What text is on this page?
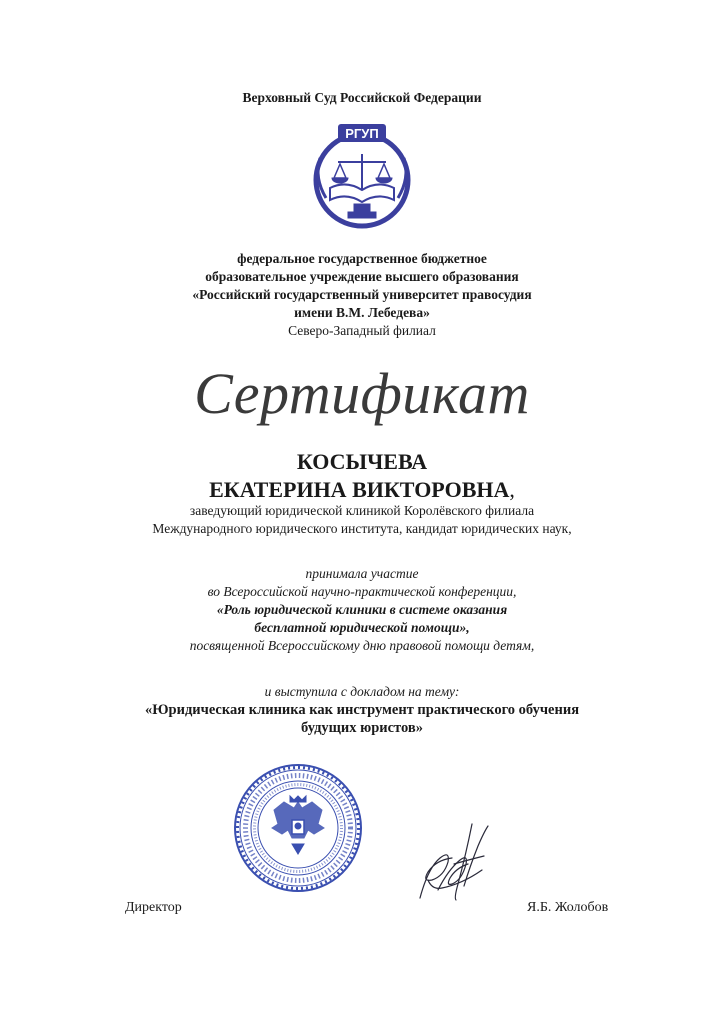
Верховный Суд Российской Федерации
РГУП
федеральное государственное бюджетное
образовательное учреждение высшего образования
«Российский государственный университет правосудия
имени В.М. Лебедева»
Северо-Западный филиал
Сертификат
КОСЫЧЕВА
ЕКАТЕРИНА ВИКТОРОВНА,
заведующий юридической клиникой Королёвского филиала
Международного юридического института, кандидат юридических наук,
принимала участие
во Всероссийской научно-практической конференции,
«Роль юридической клиники в системе оказания
бесплатной юридической помощи»,
посвященной Всероссийскому дню правовой помощи детям,
и выступила с докладом на тему:
«Юридическая клиника как инструмент практического обучения
будущих юристов»
Директор	Я.Б. Жолобов
